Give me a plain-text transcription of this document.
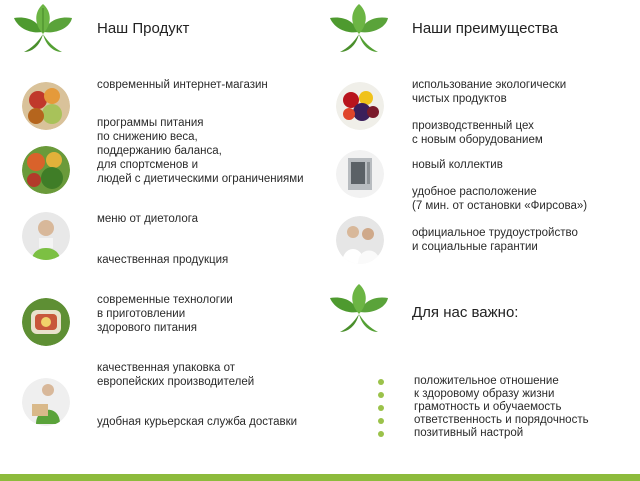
Наш Продукт
современный интернет-магазин
программы питания
по снижению веса,
поддержанию баланса,
для спортсменов и
людей с диетическими ограничениями
меню от диетолога
качественная продукция
современные технологии
в приготовлении
здорового питания
качественная упаковка от
европейских производителей
удобная курьерская служба доставки
Наши преимущества
использование экологически
чистых продуктов
производственный цех
с новым оборудованием
новый коллектив
удобное расположение
(7 мин. от остановки «Фирсова»)
официальное трудоустройство
и социальные гарантии
Для нас важно:
положительное отношение
к здоровому образу жизни
грамотность и обучаемость
ответственность и порядочность
позитивный настрой
